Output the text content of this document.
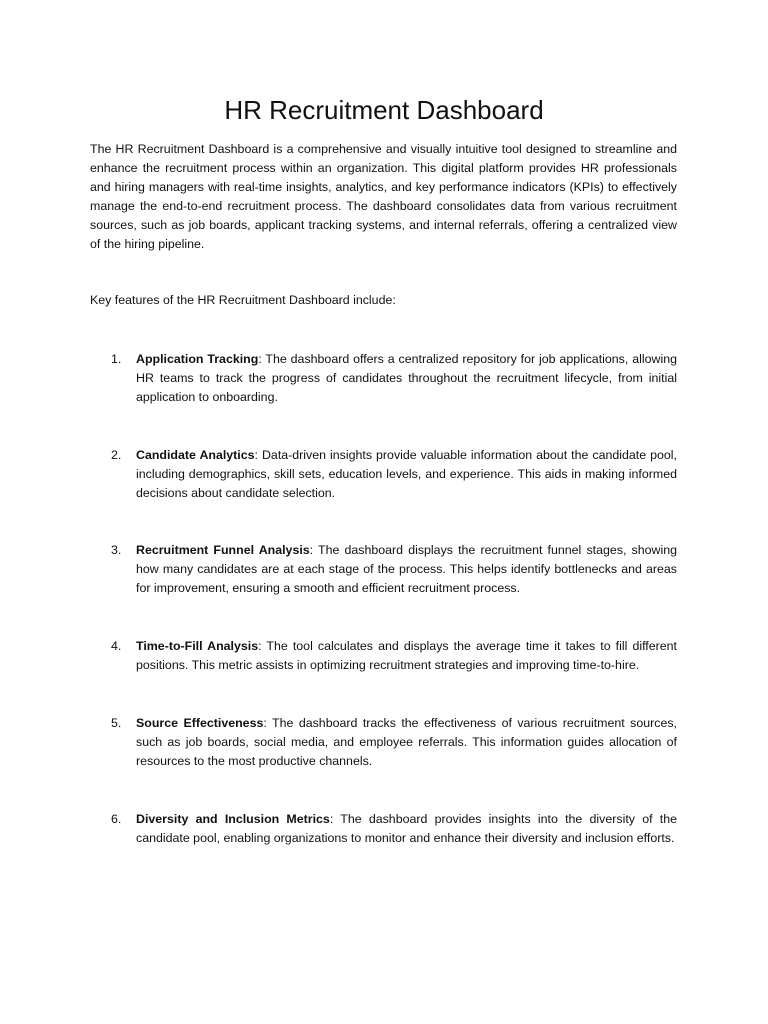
HR Recruitment Dashboard

The HR Recruitment Dashboard is a comprehensive and visually intuitive tool designed to streamline and enhance the recruitment process within an organization. This digital platform provides HR professionals and hiring managers with real-time insights, analytics, and key performance indicators (KPIs) to effectively manage the end-to-end recruitment process. The dashboard consolidates data from various recruitment sources, such as job boards, applicant tracking systems, and internal referrals, offering a centralized view of the hiring pipeline.

Key features of the HR Recruitment Dashboard include:

1.	Application Tracking: The dashboard offers a centralized repository for job applications, allowing HR teams to track the progress of candidates throughout the recruitment lifecycle, from initial application to onboarding.
2.	Candidate Analytics: Data-driven insights provide valuable information about the candidate pool, including demographics, skill sets, education levels, and experience. This aids in making informed decisions about candidate selection.
3.	Recruitment Funnel Analysis: The dashboard displays the recruitment funnel stages, showing how many candidates are at each stage of the process. This helps identify bottlenecks and areas for improvement, ensuring a smooth and efficient recruitment process.
4.	Time-to-Fill Analysis: The tool calculates and displays the average time it takes to fill different positions. This metric assists in optimizing recruitment strategies and improving time-to-hire.
5.	Source Effectiveness: The dashboard tracks the effectiveness of various recruitment sources, such as job boards, social media, and employee referrals. This information guides allocation of resources to the most productive channels.
6.	Diversity and Inclusion Metrics: The dashboard provides insights into the diversity of the candidate pool, enabling organizations to monitor and enhance their diversity and inclusion efforts.
